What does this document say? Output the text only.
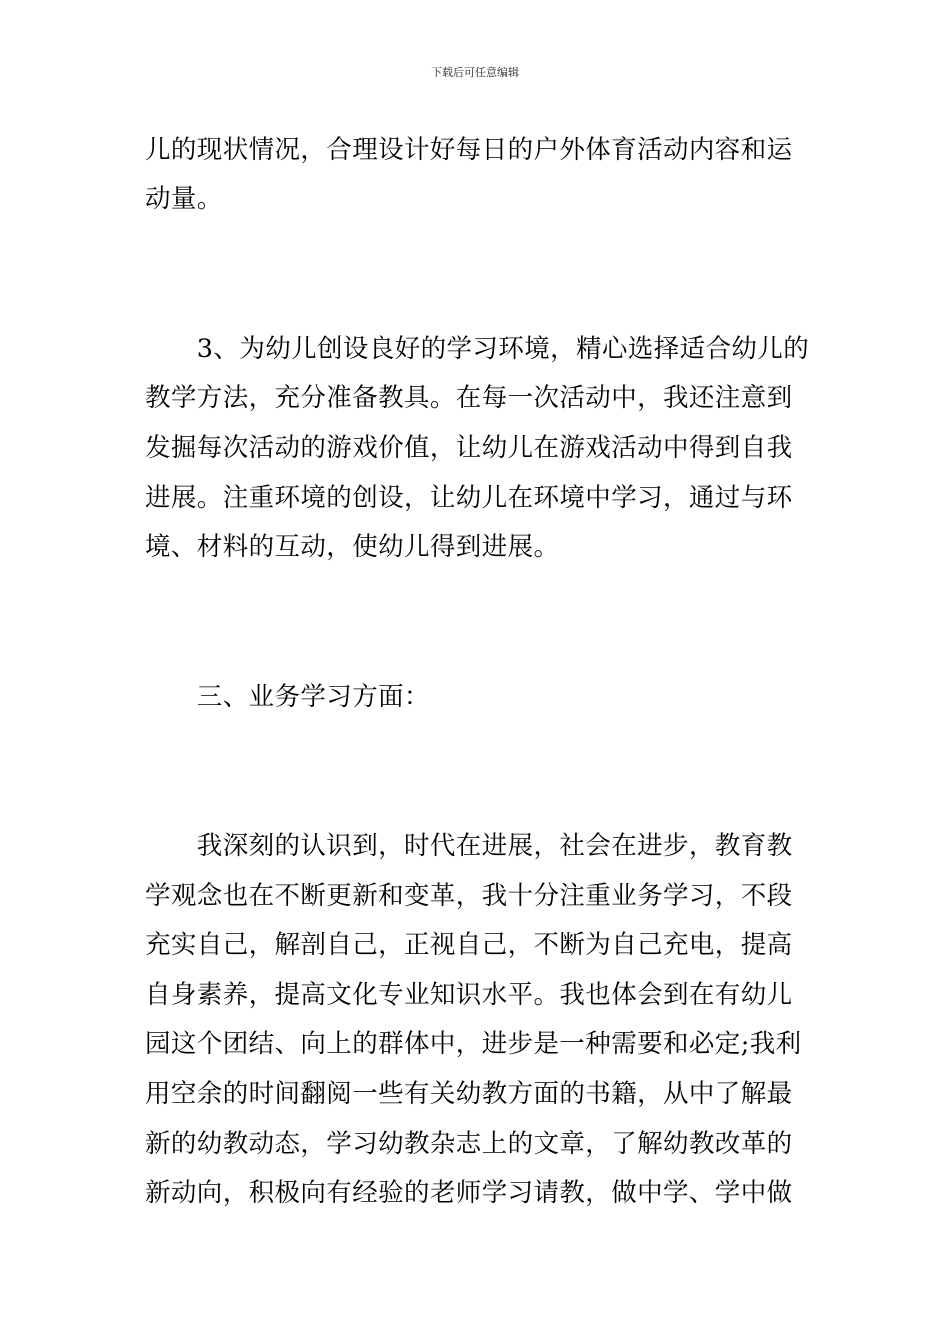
下载后可任意编辑
儿的现状情况，合理设计好每日的户外体育活动内容和运
动量。
　　3、为幼儿创设良好的学习环境，精心选择适合幼儿的
教学方法，充分准备教具。在每一次活动中，我还注意到
发掘每次活动的游戏价值，让幼儿在游戏活动中得到自我
进展。注重环境的创设，让幼儿在环境中学习，通过与环
境、材料的互动，使幼儿得到进展。
　　三、业务学习方面：
　　我深刻的认识到，时代在进展，社会在进步，教育教
学观念也在不断更新和变革，我十分注重业务学习，不段
充实自己，解剖自己，正视自己，不断为自己充电，提高
自身素养，提高文化专业知识水平。我也体会到在有幼儿
园这个团结、向上的群体中，进步是一种需要和必定;我利
用空余的时间翻阅一些有关幼教方面的书籍，从中了解最
新的幼教动态，学习幼教杂志上的文章，了解幼教改革的
新动向，积极向有经验的老师学习请教，做中学、学中做
